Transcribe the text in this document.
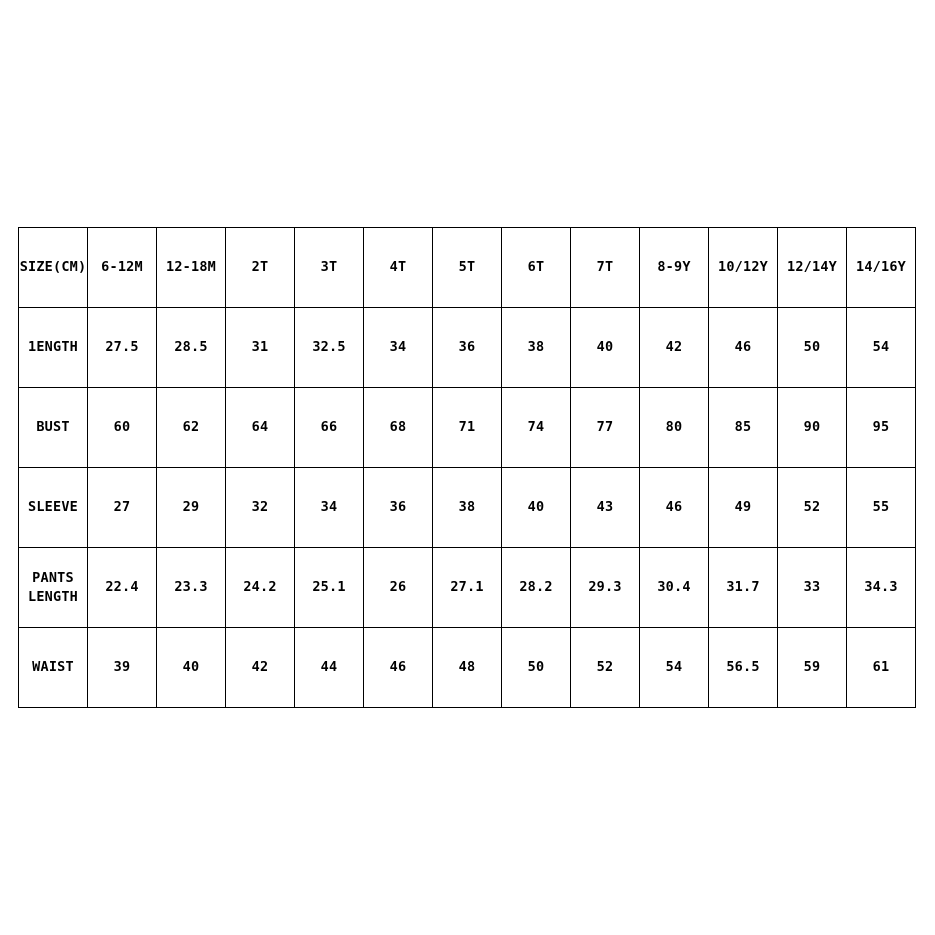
SIZE(CM)	6-12M	12-18M	2T	3T	4T	5T	6T	7T	8-9Y	10/12Y	12/14Y	14/16Y
1ENGTH	27.5	28.5	31	32.5	34	36	38	40	42	46	50	54
BUST	60	62	64	66	68	71	74	77	80	85	90	95
SLEEVE	27	29	32	34	36	38	40	43	46	49	52	55
PANTS
LENGTH	22.4	23.3	24.2	25.1	26	27.1	28.2	29.3	30.4	31.7	33	34.3
WAIST	39	40	42	44	46	48	50	52	54	56.5	59	61
